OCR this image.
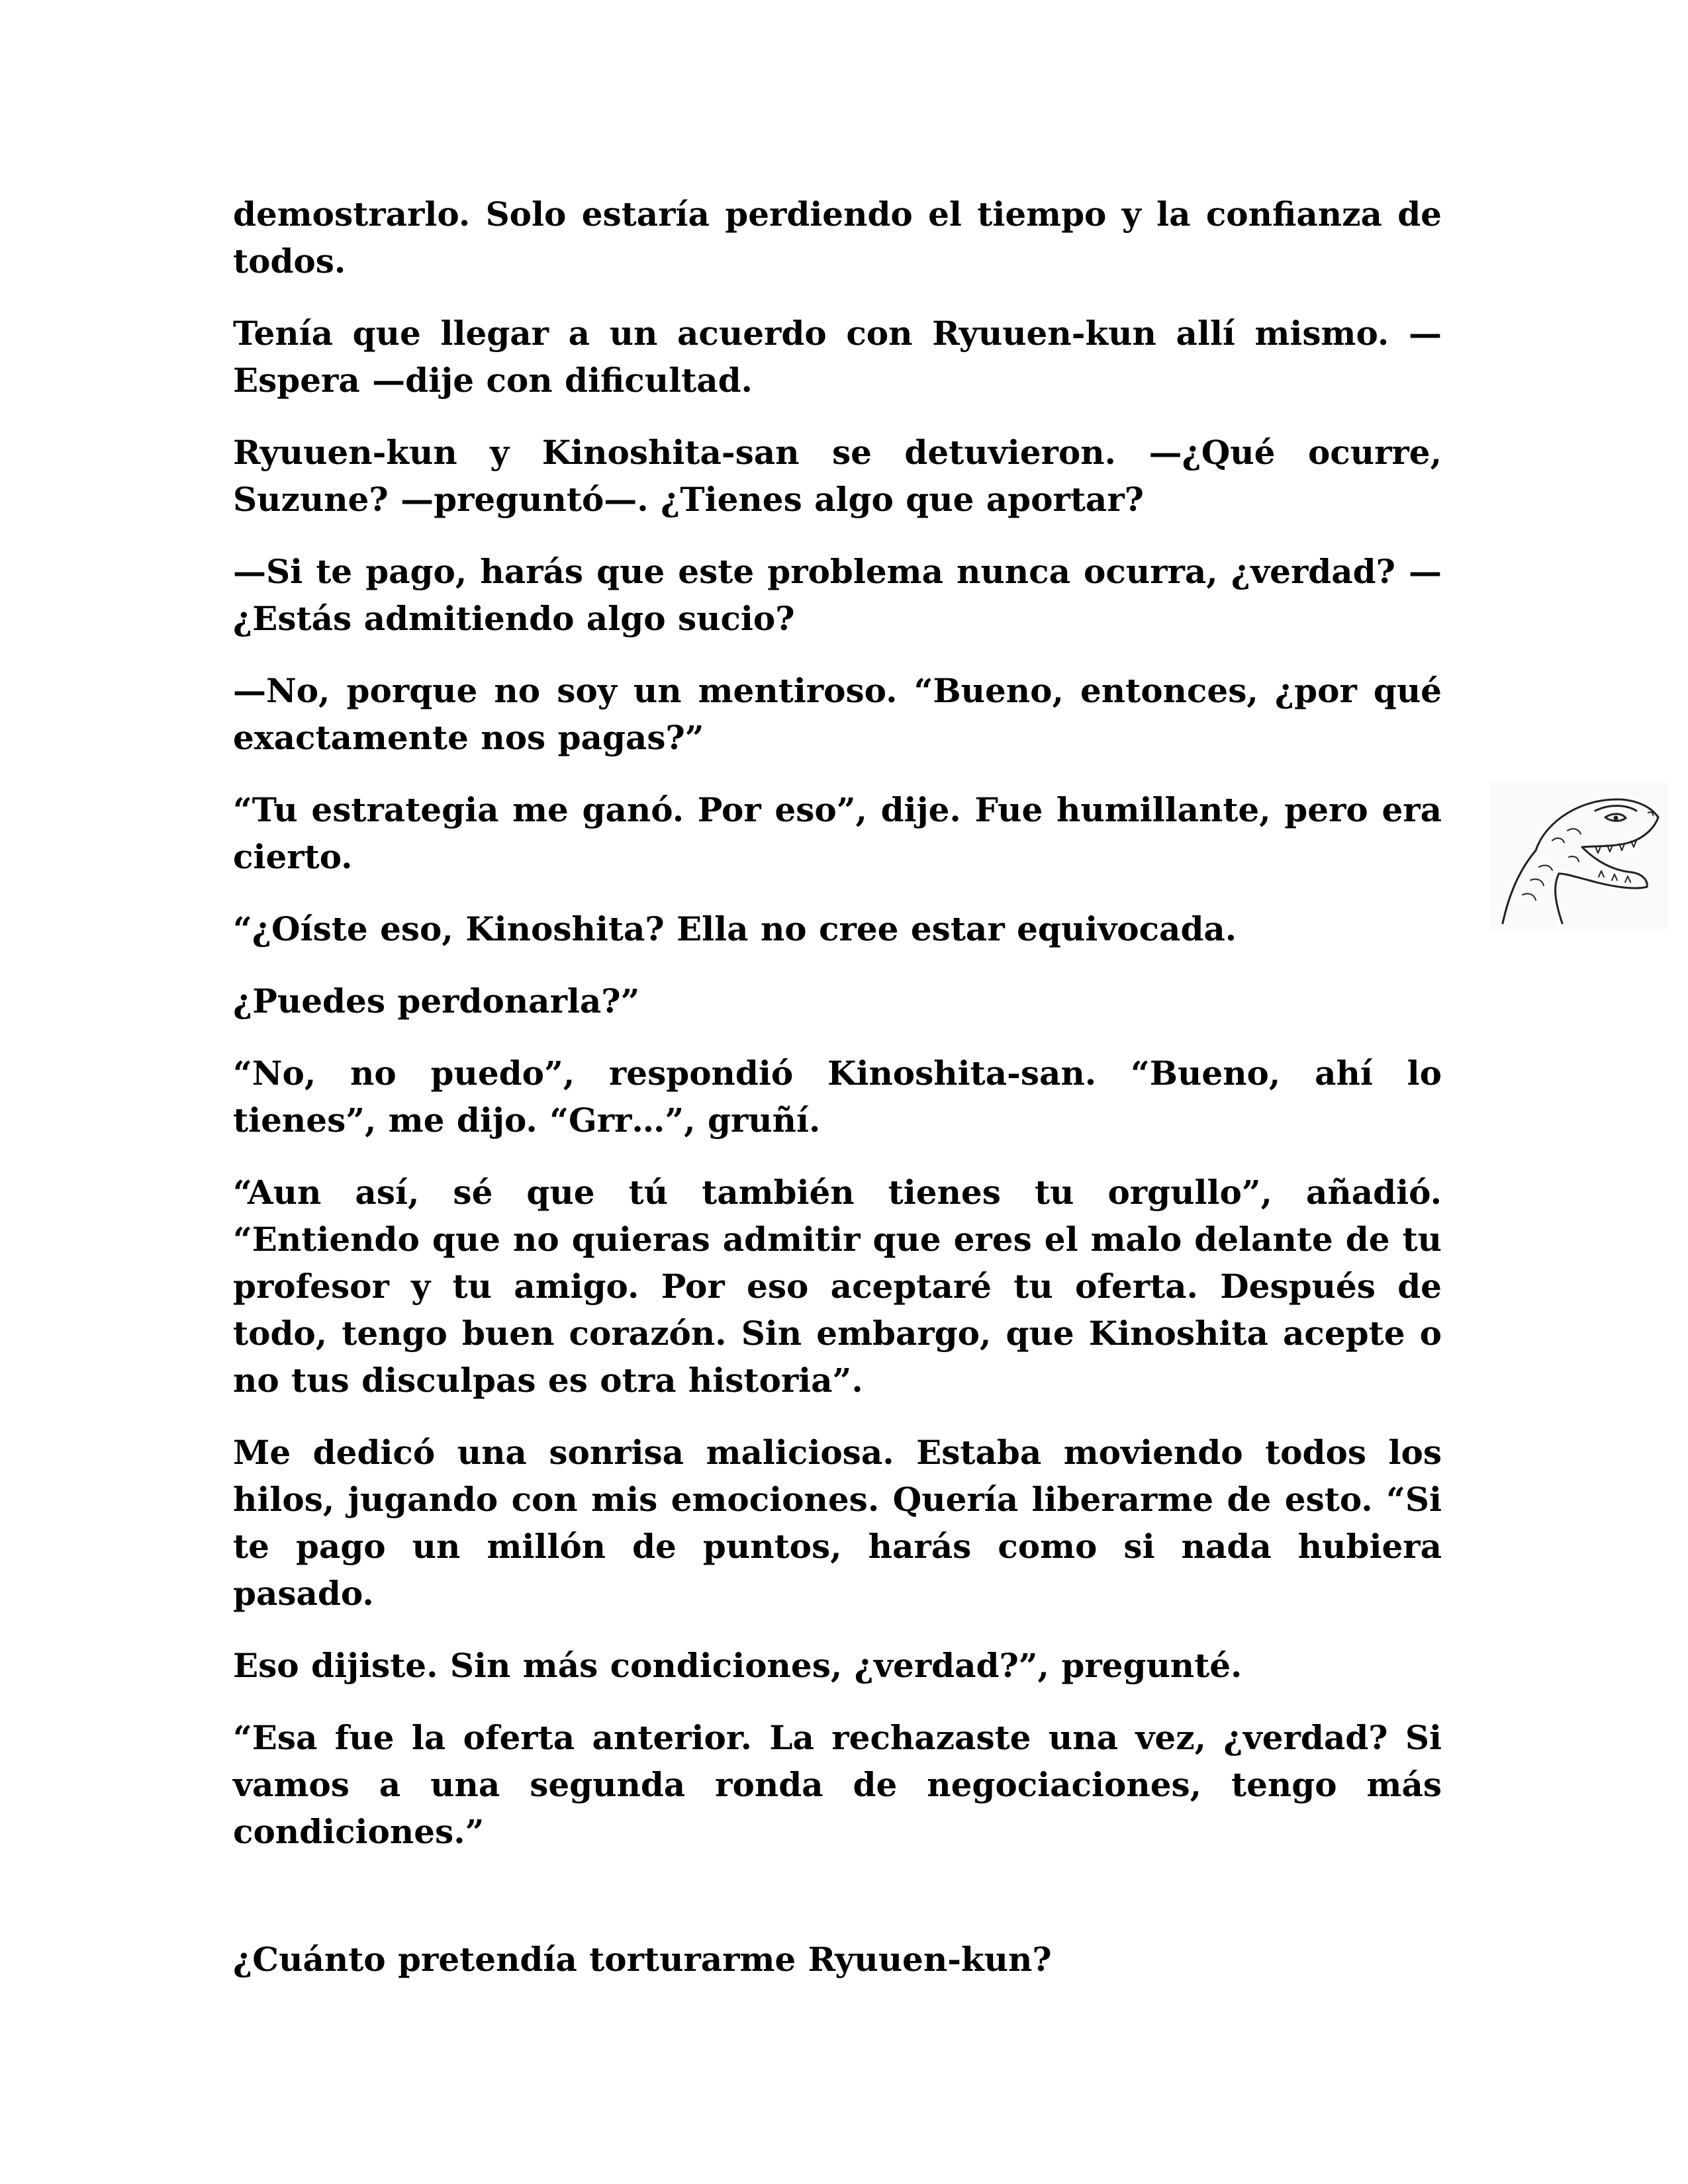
demostrarlo. Solo estaría perdiendo el tiempo y la confianza de todos.

Tenía que llegar a un acuerdo con Ryuuen-kun allí mismo. —Espera —dije con dificultad.

Ryuuen-kun y Kinoshita-san se detuvieron. —¿Qué ocurre, Suzune? —preguntó—. ¿Tienes algo que aportar?

—Si te pago, harás que este problema nunca ocurra, ¿verdad? —¿Estás admitiendo algo sucio?

—No, porque no soy un mentiroso. “Bueno, entonces, ¿por qué exactamente nos pagas?”

“Tu estrategia me ganó. Por eso”, dije. Fue humillante, pero era cierto.

“¿Oíste eso, Kinoshita? Ella no cree estar equivocada.

¿Puedes perdonarla?”

“No, no puedo”, respondió Kinoshita-san. “Bueno, ahí lo tienes”, me dijo. “Grr…”, gruñí.

“Aun así, sé que tú también tienes tu orgullo”, añadió. “Entiendo que no quieras admitir que eres el malo delante de tu profesor y tu amigo. Por eso aceptaré tu oferta. Después de todo, tengo buen corazón. Sin embargo, que Kinoshita acepte o no tus disculpas es otra historia”.

Me dedicó una sonrisa maliciosa. Estaba moviendo todos los hilos, jugando con mis emociones. Quería liberarme de esto. “Si te pago un millón de puntos, harás como si nada hubiera pasado.

Eso dijiste. Sin más condiciones, ¿verdad?”, pregunté.

“Esa fue la oferta anterior. La rechazaste una vez, ¿verdad? Si vamos a una segunda ronda de negociaciones, tengo más condiciones.”

¿Cuánto pretendía torturarme Ryuuen-kun?
